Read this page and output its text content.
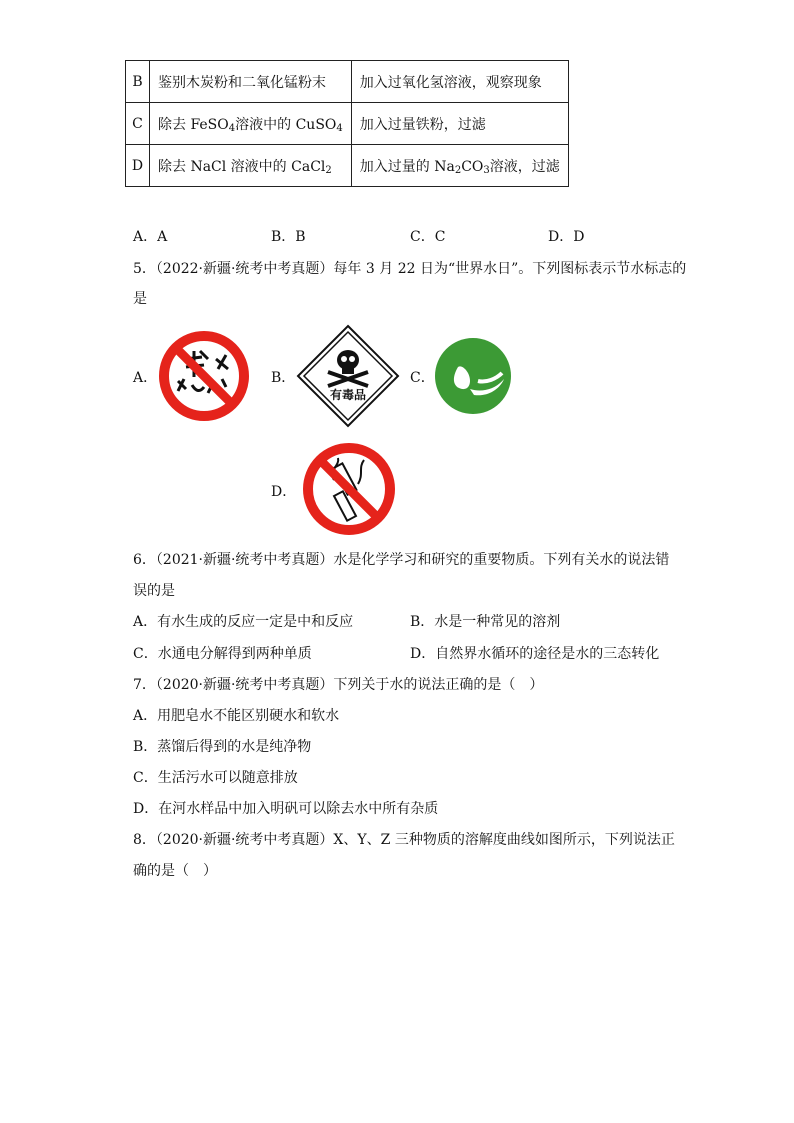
B	鉴别木炭粉和二氧化锰粉末	加入过氧化氢溶液，观察现象
C	除去 FeSO$_4$溶液中的 CuSO$_4$	加入过量铁粉，过滤
D	除去 NaCl 溶液中的 CaCl$_2$	加入过量的 $Na_2CO_3$溶液，过滤
A．A	B．B	C．C	D．D
5．（2022·新疆·统考中考真题）每年 3 月 22 日为“世界水日”。下列图标表示节水标志的
是
A．	B．
有毒品
C．
D．
6．（2021·新疆·统考中考真题）水是化学学习和研究的重要物质。下列有关水的说法错
误的是
A．有水生成的反应一定是中和反应	B．水是一种常见的溶剂
C．水通电分解得到两种单质	D．自然界水循环的途径是水的三态转化
7．（2020·新疆·统考中考真题）下列关于水的说法正确的是（　）
A．用肥皂水不能区别硬水和软水
B．蒸馏后得到的水是纯净物
C．生活污水可以随意排放
D．在河水样品中加入明矾可以除去水中所有杂质
8．（2020·新疆·统考中考真题）X、Y、Z 三种物质的溶解度曲线如图所示，下列说法正
确的是（　）
